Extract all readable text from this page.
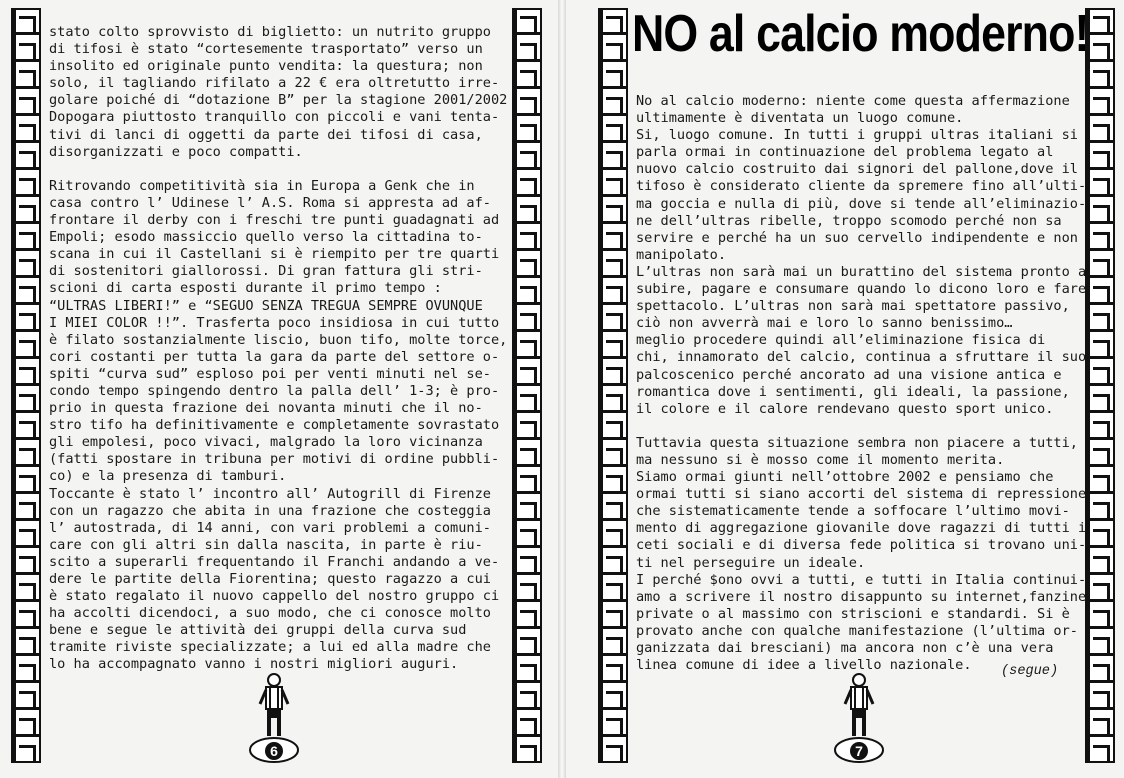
stato colto sprovvisto di biglietto: un nutrito gruppo
di tifosi è stato “cortesemente trasportato” verso un
insolito ed originale punto vendita: la questura; non
solo, il tagliando rifilato a 22 € era oltretutto irre-
golare poiché di “dotazione B” per la stagione 2001/2002
Dopogara piuttosto tranquillo con piccoli e vani tenta-
tivi di lanci di oggetti da parte dei tifosi di casa,
disorganizzati e poco compatti.

Ritrovando competitività sia in Europa a Genk che in
casa contro l’ Udinese l’ A.S. Roma si appresta ad af-
frontare il derby con i freschi tre punti guadagnati ad
Empoli; esodo massiccio quello verso la cittadina to-
scana in cui il Castellani si è riempito per tre quarti
di sostenitori giallorossi. Di gran fattura gli stri-
scioni di carta esposti durante il primo tempo :
“ULTRAS LIBERI!” e “SEGUO SENZA TREGUA SEMPRE OVUNQUE
I MIEI COLOR !!”. Trasferta poco insidiosa in cui tutto
è filato sostanzialmente liscio, buon tifo, molte torce,
cori costanti per tutta la gara da parte del settore o-
spiti “curva sud” esploso poi per venti minuti nel se-
condo tempo spingendo dentro la palla dell’ 1-3; è pro-
prio in questa frazione dei novanta minuti che il no-
stro tifo ha definitivamente e completamente sovrastato
gli empolesi, poco vivaci, malgrado la loro vicinanza
(fatti spostare in tribuna per motivi di ordine pubbli-
co) e la presenza di tamburi.
Toccante è stato l’ incontro all’ Autogrill di Firenze
con un ragazzo che abita in una frazione che costeggia
l’ autostrada, di 14 anni, con vari problemi a comuni-
care con gli altri sin dalla nascita, in parte è riu-
scito a superarli frequentando il Franchi andando a ve-
dere le partite della Fiorentina; questo ragazzo a cui
è stato regalato il nuovo cappello del nostro gruppo ci
ha accolti dicendoci, a suo modo, che ci conosce molto
bene e segue le attività dei gruppi della curva sud
tramite riviste specializzate; a lui ed alla madre che
lo ha accompagnato vanno i nostri migliori auguri.
NO al calcio moderno!
No al calcio moderno: niente come questa affermazione
ultimamente è diventata un luogo comune.
Si, luogo comune. In tutti i gruppi ultras italiani si
parla ormai in continuazione del problema legato al
nuovo calcio costruito dai signori del pallone,dove il
tifoso è considerato cliente da spremere fino all’ulti-
ma goccia e nulla di più, dove si tende all’eliminazio-
ne dell’ultras ribelle, troppo scomodo perché non sa
servire e perché ha un suo cervello indipendente e non
manipolato.
L’ultras non sarà mai un burattino del sistema pronto a
subire, pagare e consumare quando lo dicono loro e fare
spettacolo. L’ultras non sarà mai spettatore passivo,
ciò non avverrà mai e loro lo sanno benissimo…
meglio procedere quindi all’eliminazione fisica di
chi, innamorato del calcio, continua a sfruttare il suo
palcoscenico perché ancorato ad una visione antica e
romantica dove i sentimenti, gli ideali, la passione,
il colore e il calore rendevano questo sport unico.

Tuttavia questa situazione sembra non piacere a tutti,
ma nessuno si è mosso come il momento merita.
Siamo ormai giunti nell’ottobre 2002 e pensiamo che
ormai tutti si siano accorti del sistema di repressione
che sistematicamente tende a soffocare l’ultimo movi-
mento di aggregazione giovanile dove ragazzi di tutti i
ceti sociali e di diversa fede politica si trovano uni-
ti nel perseguire un ideale.
I perché $ono ovvi a tutti, e tutti in Italia continui-
amo a scrivere il nostro disappunto su internet,fanzine
private o al massimo con striscioni e standardi. Si è
provato anche con qualche manifestazione (l’ultima or-
ganizzata dai bresciani) ma ancora non c’è una vera
linea comune di idee a livello nazionale.	(segue)
6	7
